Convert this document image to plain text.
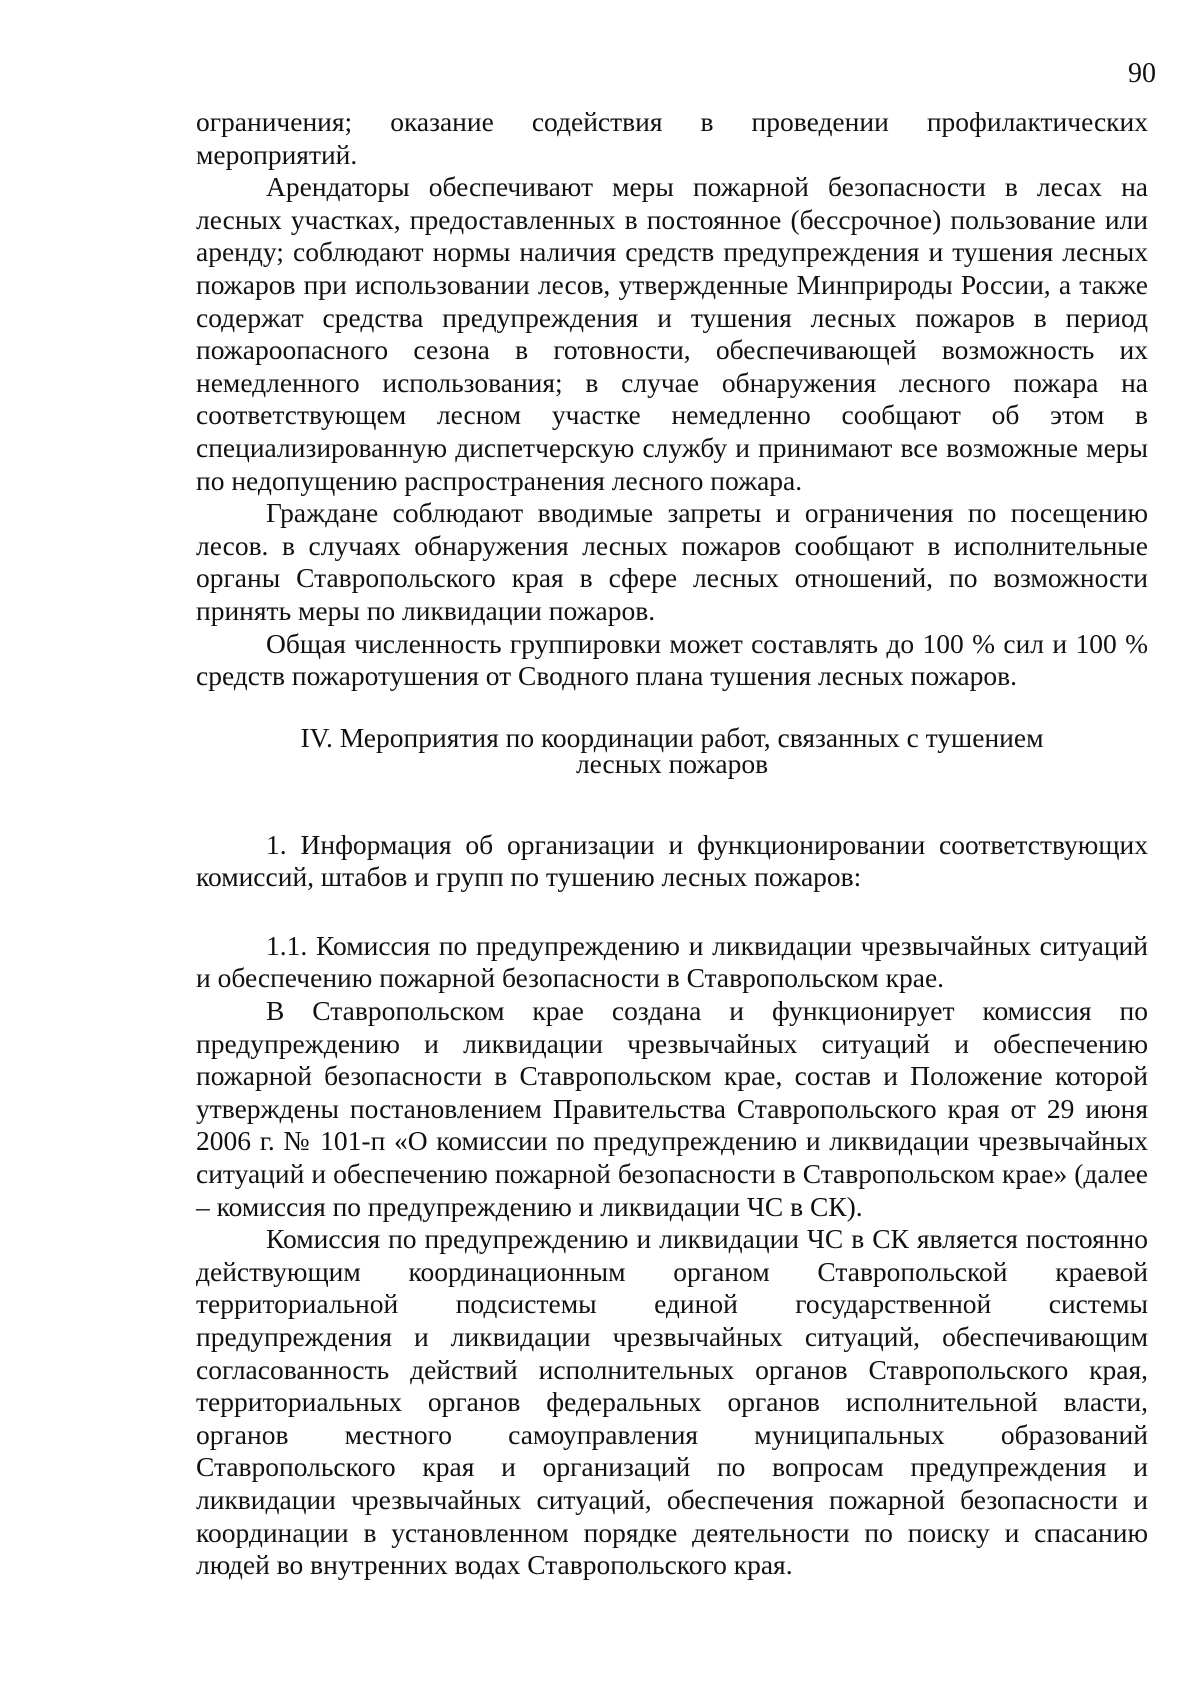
90

ограничения; оказание содействия в проведении профилактических мероприятий.

Арендаторы обеспечивают меры пожарной безопасности в лесах на лесных участках, предоставленных в постоянное (бессрочное) пользование или аренду; соблюдают нормы наличия средств предупреждения и тушения лесных пожаров при использовании лесов, утвержденные Минприроды России, а также содержат средства предупреждения и тушения лесных пожаров в период пожароопасного сезона в готовности, обеспечивающей возможность их немедленного использования; в случае обнаружения лесного пожара на соответствующем лесном участке немедленно сообщают об этом в специализированную диспетчерскую службу и принимают все возможные меры по недопущению распространения лесного пожара.

Граждане соблюдают вводимые запреты и ограничения по посещению лесов. в случаях обнаружения лесных пожаров сообщают в исполнительные органы Ставропольского края в сфере лесных отношений, по возможности принять меры по ликвидации пожаров.

Общая численность группировки может составлять до 100 % сил и 100 % средств пожаротушения от Сводного плана тушения лесных пожаров.

IV. Мероприятия по координации работ, связанных с тушением
лесных пожаров

1. Информация об организации и функционировании соответствующих комиссий, штабов и групп по тушению лесных пожаров:

1.1. Комиссия по предупреждению и ликвидации чрезвычайных ситуаций и обеспечению пожарной безопасности в Ставропольском крае.

В Ставропольском крае создана и функционирует комиссия по предупреждению и ликвидации чрезвычайных ситуаций и обеспечению пожарной безопасности в Ставропольском крае, состав и Положение которой утверждены постановлением Правительства Ставропольского края от 29 июня 2006 г. № 101-п «О комиссии по предупреждению и ликвидации чрезвычайных ситуаций и обеспечению пожарной безопасности в Ставропольском крае» (далее – комиссия по предупреждению и ликвидации ЧС в СК).

Комиссия по предупреждению и ликвидации ЧС в СК является постоянно действующим координационным органом Ставропольской краевой территориальной подсистемы единой государственной системы предупреждения и ликвидации чрезвычайных ситуаций, обеспечивающим согласованность действий исполнительных органов Ставропольского края, территориальных органов федеральных органов исполнительной власти, органов местного самоуправления муниципальных образований Ставропольского края и организаций по вопросам предупреждения и ликвидации чрезвычайных ситуаций, обеспечения пожарной безопасности и координации в установленном порядке деятельности по поиску и спасанию людей во внутренних водах Ставропольского края.
